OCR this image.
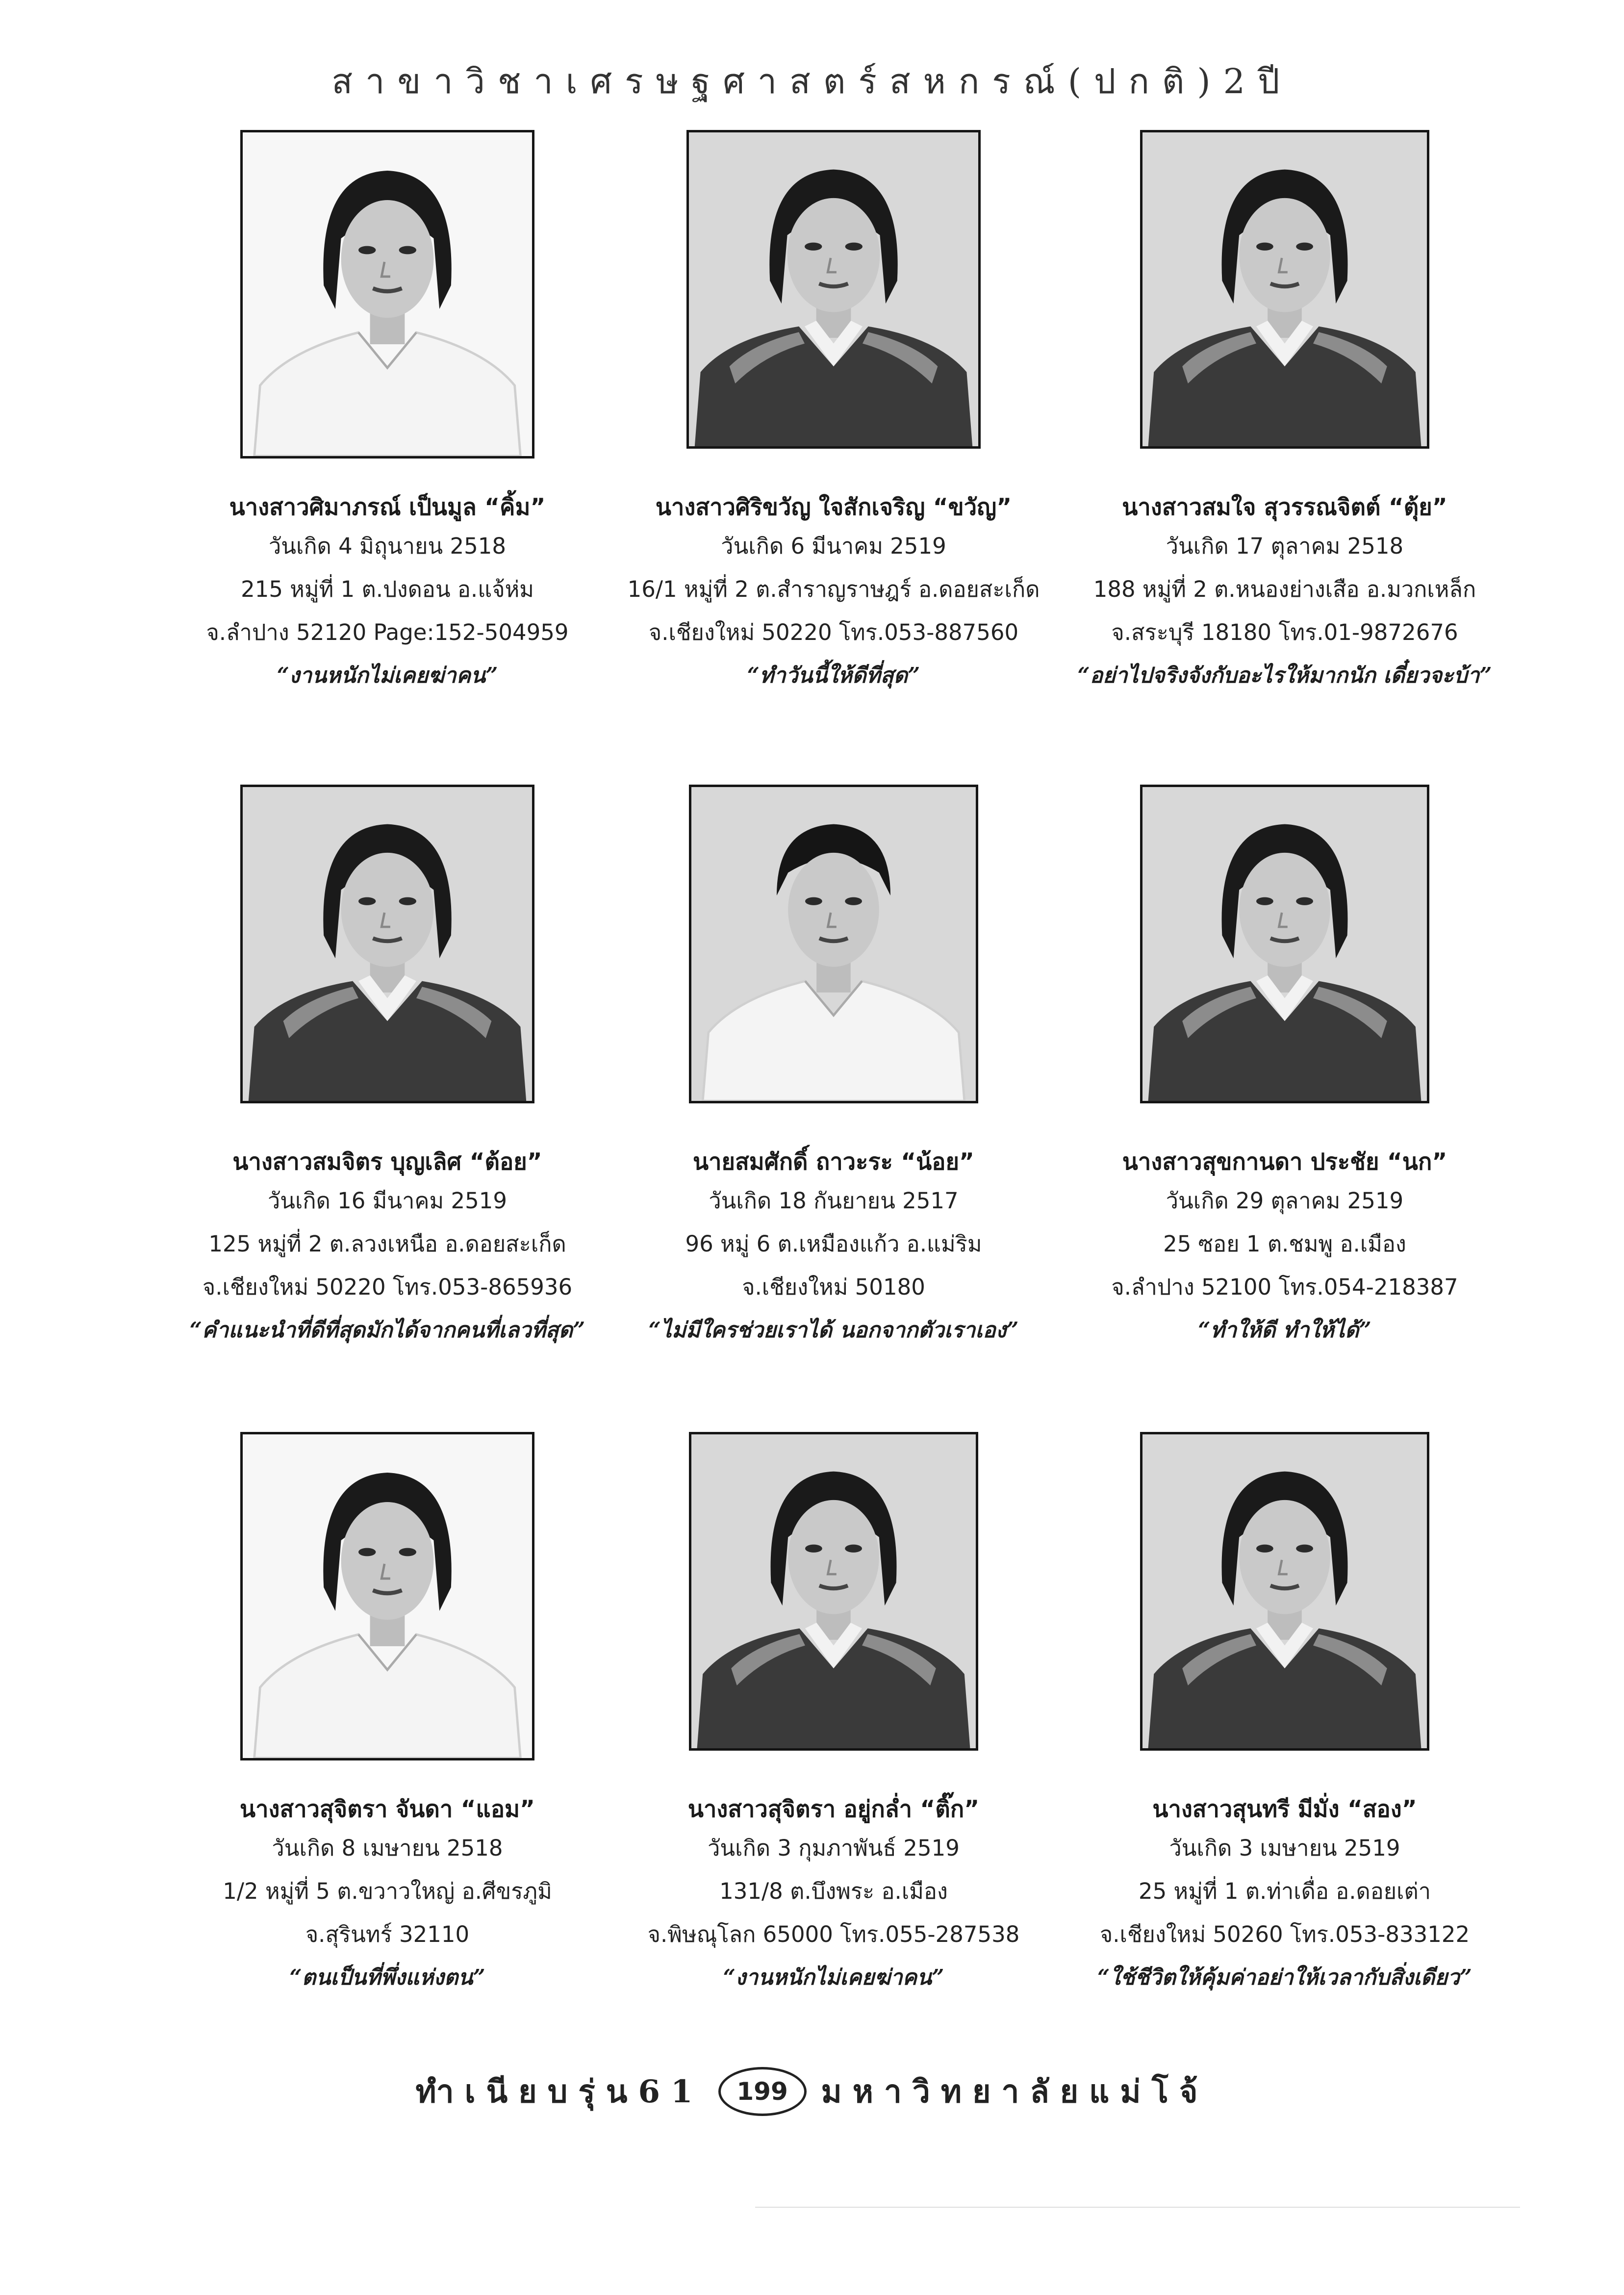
สาขาวิชาเศรษฐศาสตร์สหกรณ์(ปกติ)2ปี
นางสาวศิมาภรณ์ เป็นมูล “คิ้ม”
วันเกิด 4 มิถุนายน 2518
215 หมู่ที่ 1 ต.ปงดอน อ.แจ้ห่ม
จ.ลำปาง 52120 Page:152-504959
“งานหนักไม่เคยฆ่าคน”
นางสาวศิริขวัญ ใจสักเจริญ “ขวัญ”
วันเกิด 6 มีนาคม 2519
16/1 หมู่ที่ 2 ต.สำราญราษฎร์ อ.ดอยสะเก็ด
จ.เชียงใหม่ 50220 โทร.053-887560
“ทำวันนี้ให้ดีที่สุด”
นางสาวสมใจ สุวรรณจิตต์ “ตุ้ย”
วันเกิด 17 ตุลาคม 2518
188 หมู่ที่ 2 ต.หนองย่างเสือ อ.มวกเหล็ก
จ.สระบุรี 18180 โทร.01-9872676
“อย่าไปจริงจังกับอะไรให้มากนัก เดี๋ยวจะบ้า”
นางสาวสมจิตร บุญเลิศ “ต้อย”
วันเกิด 16 มีนาคม 2519
125 หมู่ที่ 2 ต.ลวงเหนือ อ.ดอยสะเก็ด
จ.เชียงใหม่ 50220 โทร.053-865936
“คำแนะนำที่ดีที่สุดมักได้จากคนที่เลวที่สุด”
นายสมศักดิ์ ถาวะระ “น้อย”
วันเกิด 18 กันยายน 2517
96 หมู่ 6 ต.เหมืองแก้ว อ.แม่ริม
จ.เชียงใหม่ 50180
“ไม่มีใครช่วยเราได้ นอกจากตัวเราเอง”
นางสาวสุขกานดา ประชัย “นก”
วันเกิด 29 ตุลาคม 2519
25 ซอย 1 ต.ชมพู อ.เมือง
จ.ลำปาง 52100 โทร.054-218387
“ทำให้ดี ทำให้ได้”
นางสาวสุจิตรา จันดา “แอม”
วันเกิด 8 เมษายน 2518
1/2 หมู่ที่ 5 ต.ขวาวใหญ่ อ.ศีขรภูมิ
จ.สุรินทร์ 32110
“ตนเป็นที่พึ่งแห่งตน”
นางสาวสุจิตรา อยู่กล่ำ “ติ๊ก”
วันเกิด 3 กุมภาพันธ์ 2519
131/8 ต.บึงพระ อ.เมือง
จ.พิษณุโลก 65000 โทร.055-287538
“งานหนักไม่เคยฆ่าคน”
นางสาวสุนทรี มีมั่ง “สอง”
วันเกิด 3 เมษายน 2519
25 หมู่ที่ 1 ต.ท่าเดื่อ อ.ดอยเต่า
จ.เชียงใหม่ 50260 โทร.053-833122
“ใช้ชีวิตให้คุ้มค่าอย่าให้เวลากับสิ่งเดียว”
ทำเนียบรุ่น61	199	มหาวิทยาลัยแม่โจ้
